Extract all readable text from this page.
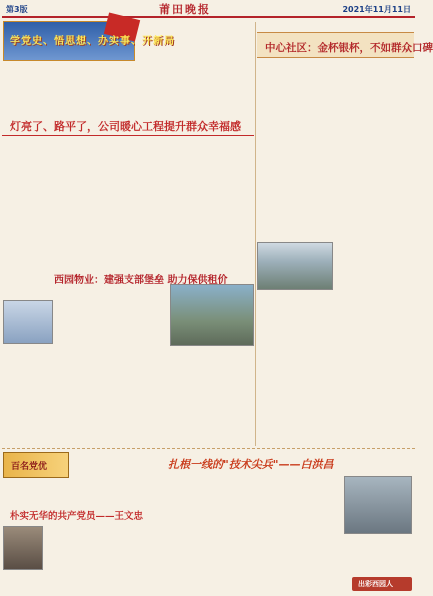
第3版	莆田晚报	2021年11月11日
学党史、悟思想、办实事、开新局
灯亮了、路平了，公司暖心工程提升群众幸福感
中心社区：金杯银杯，不如群众口碑
西园物业：建强支部堡垒 助力保供租价
百名党优
朴实无华的共产党员——王文忠
扎根一线的"技术尖兵"——白洪昌
出彩西园人
